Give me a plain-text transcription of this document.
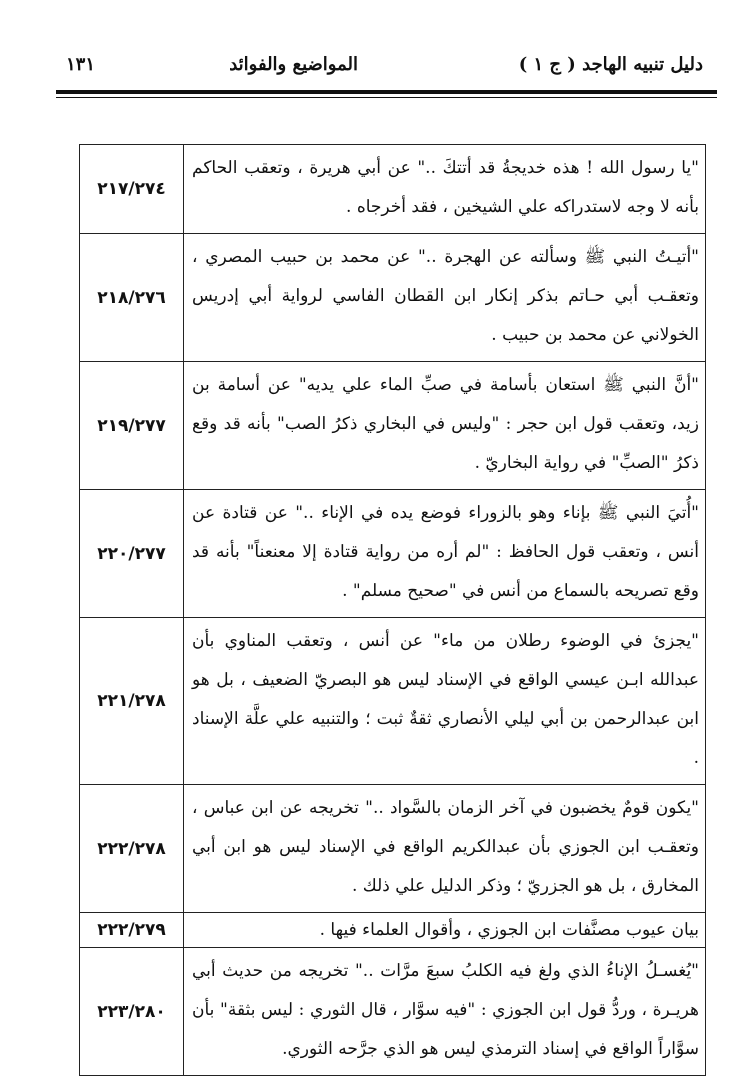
دليل تنبيه الهاجد ( ج ١ )
المواضيع والفوائد
١٣١
"يا رسول الله ! هذه خديجةُ قد أتتكَ .." عن أبي هريرة ، وتعقب الحاكم بأنه لا وجه لاستدراكه علي الشيخين ، فقد أخرجاه .	٢١٧/٢٧٤
"أتيـتُ النبي ﷺ وسألته عن الهجرة .." عن محمد بن حبيب المصري ، وتعقـب أبي حـاتم بذكر إنكار ابن القطان الفاسي لرواية أبي إدريس الخولاني عن محمد بن حبيب .	٢١٨/٢٧٦
"أنَّ النبي ﷺ استعان بأسامة في صبِّ الماء علي يديه" عن أسامة بن زيد، وتعقب قول ابن حجر : "وليس في البخاري ذكرُ الصب" بأنه قد وقع ذكرُ "الصبِّ" في رواية البخاريّ .	٢١٩/٢٧٧
"أُتيَ النبي ﷺ بإناء وهو بالزوراء فوضع يده في الإناء .." عن قتادة عن أنس ، وتعقب قول الحافظ : "لم أره من رواية قتادة إلا معنعناً" بأنه قد وقع تصريحه بالسماع من أنس في "صحيح مسلم" .	٢٢٠/٢٧٧
"يجزئ في الوضوء رطلان من ماء" عن أنس ، وتعقب المناوي بأن عبدالله ابـن عيسي الواقع في الإسناد ليس هو البصريّ الضعيف ، بل هو ابن عبدالرحمن بن أبي ليلي الأنصاري ثقةٌ ثبت ؛ والتنبيه علي علَّة الإسناد .	٢٢١/٢٧٨
"يكون قومٌ يخضبون في آخر الزمان بالسَّواد .." تخريجه عن ابن عباس ، وتعقـب ابن الجوزي بأن عبدالكريم الواقع في الإسناد ليس هو ابن أبي المخارق ، بل هو الجزريّ ؛ وذكر الدليل علي ذلك .	٢٢٢/٢٧٨
بيان عيوب مصنَّفات ابن الجوزي ، وأقوال العلماء فيها .	٢٢٢/٢٧٩
"يُغسـلُ الإناءُ الذي ولغ فيه الكلبُ سبعَ مرَّات .." تخريجه من حديث أبي هريـرة ، وردُّ قول ابن الجوزي : "فيه سوَّار ، قال الثوري : ليس بثقة" بأن سوَّاراً الواقع في إسناد الترمذي ليس هو الذي جرَّحه الثوري.	٢٢٣/٢٨٠
